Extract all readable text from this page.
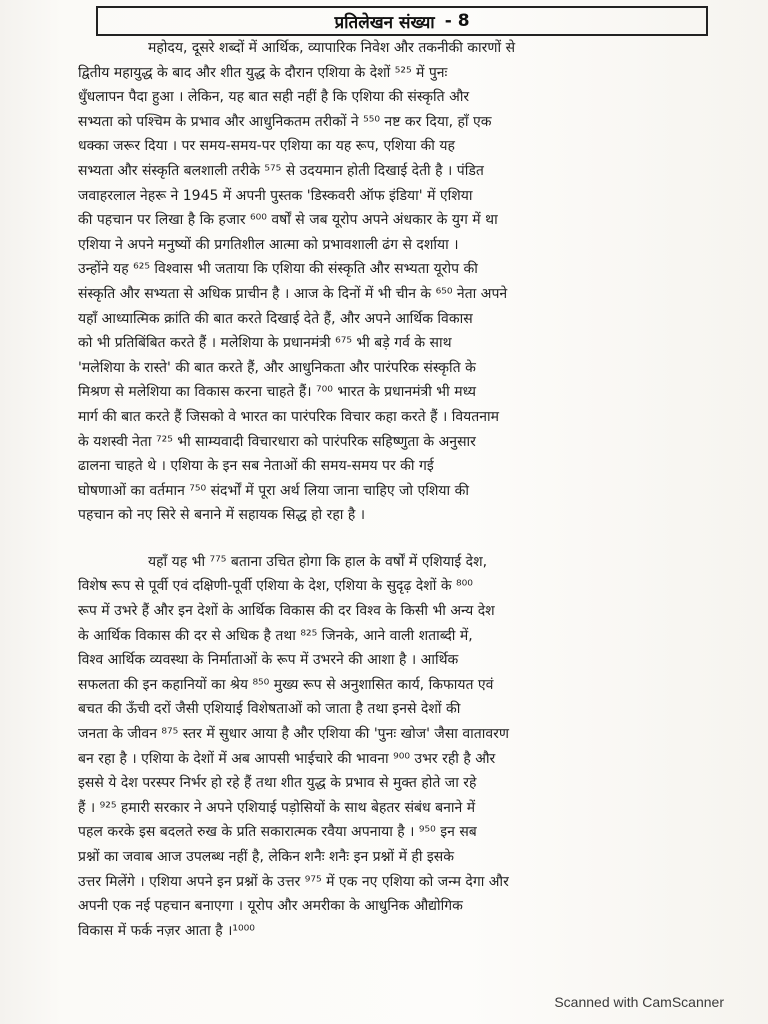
प्रतिलेखन संख्या - 8
महोदय, दूसरे शब्दों में आर्थिक, व्यापारिक निवेश और तकनीकी कारणों से
द्वितीय महायुद्ध के बाद और शीत युद्ध के दौरान एशिया के देशों ⁵²⁵ में पुनः
धुँधलापन पैदा हुआ । लेकिन, यह बात सही नहीं है कि एशिया की संस्कृति और
सभ्यता को पश्चिम के प्रभाव और आधुनिकतम तरीकों ने ⁵⁵⁰ नष्ट कर दिया, हाँ एक
धक्का जरूर दिया । पर समय-समय-पर एशिया का यह रूप, एशिया की यह
सभ्यता और संस्कृति बलशाली तरीके ⁵⁷⁵ से उदयमान होती दिखाई देती है । पंडित
जवाहरलाल नेहरू ने 1945 में अपनी पुस्तक 'डिस्कवरी ऑफ इंडिया' में एशिया
की पहचान पर लिखा है कि हजार ⁶⁰⁰ वर्षों से जब यूरोप अपने अंधकार के युग में था
एशिया ने अपने मनुष्यों की प्रगतिशील आत्मा को प्रभावशाली ढंग से दर्शाया ।
उन्होंने यह ⁶²⁵ विश्वास भी जताया कि एशिया की संस्कृति और सभ्यता यूरोप की
संस्कृति और सभ्यता से अधिक प्राचीन है । आज के दिनों में भी चीन के ⁶⁵⁰ नेता अपने
यहाँ आध्यात्मिक क्रांति की बात करते दिखाई देते हैं, और अपने आर्थिक विकास
को भी प्रतिबिंबित करते हैं । मलेशिया के प्रधानमंत्री ⁶⁷⁵ भी बड़े गर्व के साथ
'मलेशिया के रास्ते' की बात करते हैं, और आधुनिकता और पारंपरिक संस्कृति के
मिश्रण से मलेशिया का विकास करना चाहते हैं। ⁷⁰⁰ भारत के प्रधानमंत्री भी मध्य
मार्ग की बात करते हैं जिसको वे भारत का पारंपरिक विचार कहा करते हैं । वियतनाम
के यशस्वी नेता ⁷²⁵ भी साम्यवादी विचारधारा को पारंपरिक सहिष्णुता के अनुसार
ढालना चाहते थे । एशिया के इन सब नेताओं की समय-समय पर की गई
घोषणाओं का वर्तमान ⁷⁵⁰ संदर्भों में पूरा अर्थ लिया जाना चाहिए जो एशिया की
पहचान को नए सिरे से बनाने में सहायक सिद्ध हो रहा है ।
यहाँ यह भी ⁷⁷⁵ बताना उचित होगा कि हाल के वर्षों में एशियाई देश,
विशेष रूप से पूर्वी एवं दक्षिणी-पूर्वी एशिया के देश, एशिया के सुदृढ़ देशों के ⁸⁰⁰
रूप में उभरे हैं और इन देशों के आर्थिक विकास की दर विश्व के किसी भी अन्य देश
के आर्थिक विकास की दर से अधिक है तथा ⁸²⁵ जिनके, आने वाली शताब्दी में,
विश्व आर्थिक व्यवस्था के निर्माताओं के रूप में उभरने की आशा है । आर्थिक
सफलता की इन कहानियों का श्रेय ⁸⁵⁰ मुख्य रूप से अनुशासित कार्य, किफायत एवं
बचत की ऊँची दरों जैसी एशियाई विशेषताओं को जाता है तथा इनसे देशों की
जनता के जीवन ⁸⁷⁵ स्तर में सुधार आया है और एशिया की 'पुनः खोज' जैसा वातावरण
बन रहा है । एशिया के देशों में अब आपसी भाईचारे की भावना ⁹⁰⁰ उभर रही है और
इससे ये देश परस्पर निर्भर हो रहे हैं तथा शीत युद्ध के प्रभाव से मुक्त होते जा रहे
हैं । ⁹²⁵ हमारी सरकार ने अपने एशियाई पड़ोसियों के साथ बेहतर संबंध बनाने में
पहल करके इस बदलते रुख के प्रति सकारात्मक रवैया अपनाया है । ⁹⁵⁰ इन सब
प्रश्नों का जवाब आज उपलब्ध नहीं है, लेकिन शनैः शनैः इन प्रश्नों में ही इसके
उत्तर मिलेंगे । एशिया अपने इन प्रश्नों के उत्तर ⁹⁷⁵ में एक नए एशिया को जन्म देगा और
अपनी एक नई पहचान बनाएगा । यूरोप और अमरीका के आधुनिक औद्योगिक
विकास में फर्क नज़र आता है ।¹⁰⁰⁰
Scanned with CamScanner
